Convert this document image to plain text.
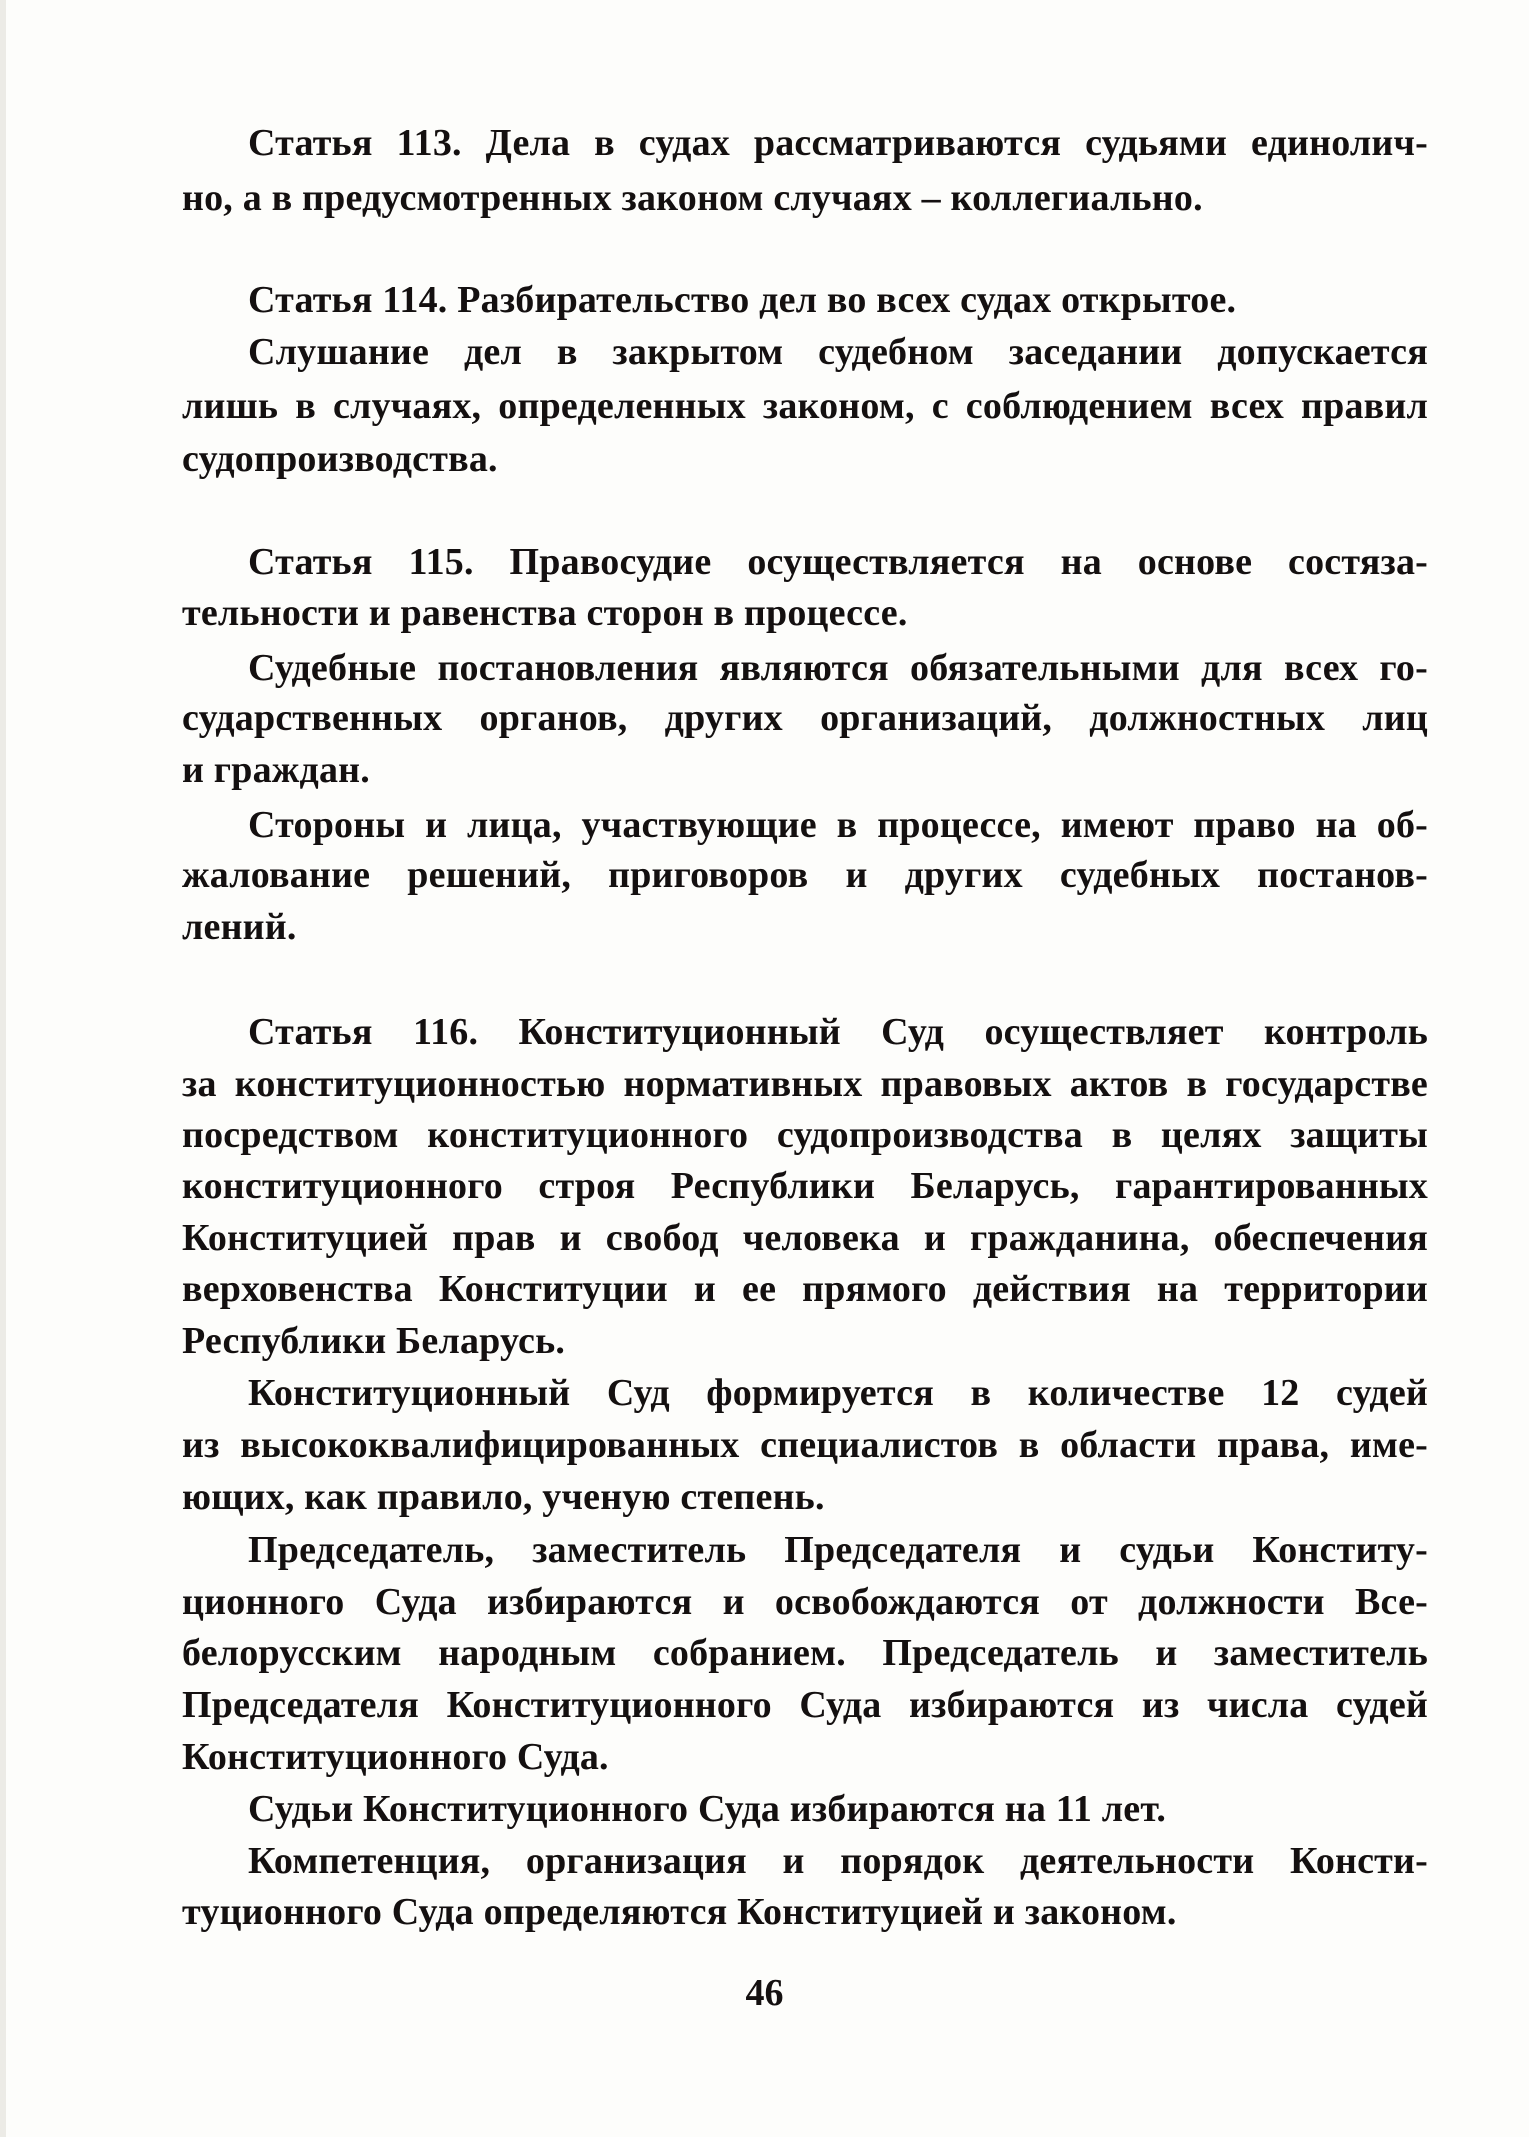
Статья 113. Дела в судах рассматриваются судьями единолич-
но, а в предусмотренных законом случаях – коллегиально.
Статья 114. Разбирательство дел во всех судах открытое.
Слушание дел в закрытом судебном заседании допускается
лишь в случаях, определенных законом, с соблюдением всех правил
судопроизводства.
Статья 115. Правосудие осуществляется на основе состяза-
тельности и равенства сторон в процессе.
Судебные постановления являются обязательными для всех го-
сударственных органов, других организаций, должностных лиц
и граждан.
Стороны и лица, участвующие в процессе, имеют право на об-
жалование решений, приговоров и других судебных постанов-
лений.
Статья 116. Конституционный Суд осуществляет контроль
за конституционностью нормативных правовых актов в государстве
посредством конституционного судопроизводства в целях защиты
конституционного строя Республики Беларусь, гарантированных
Конституцией прав и свобод человека и гражданина, обеспечения
верховенства Конституции и ее прямого действия на территории
Республики Беларусь.
Конституционный Суд формируется в количестве 12 судей
из высококвалифицированных специалистов в области права, име-
ющих, как правило, ученую степень.
Председатель, заместитель Председателя и судьи Конститу-
ционного Суда избираются и освобождаются от должности Все-
белорусским народным собранием. Председатель и заместитель
Председателя Конституционного Суда избираются из числа судей
Конституционного Суда.
Судьи Конституционного Суда избираются на 11 лет.
Компетенция, организация и порядок деятельности Консти-
туционного Суда определяются Конституцией и законом.
46
